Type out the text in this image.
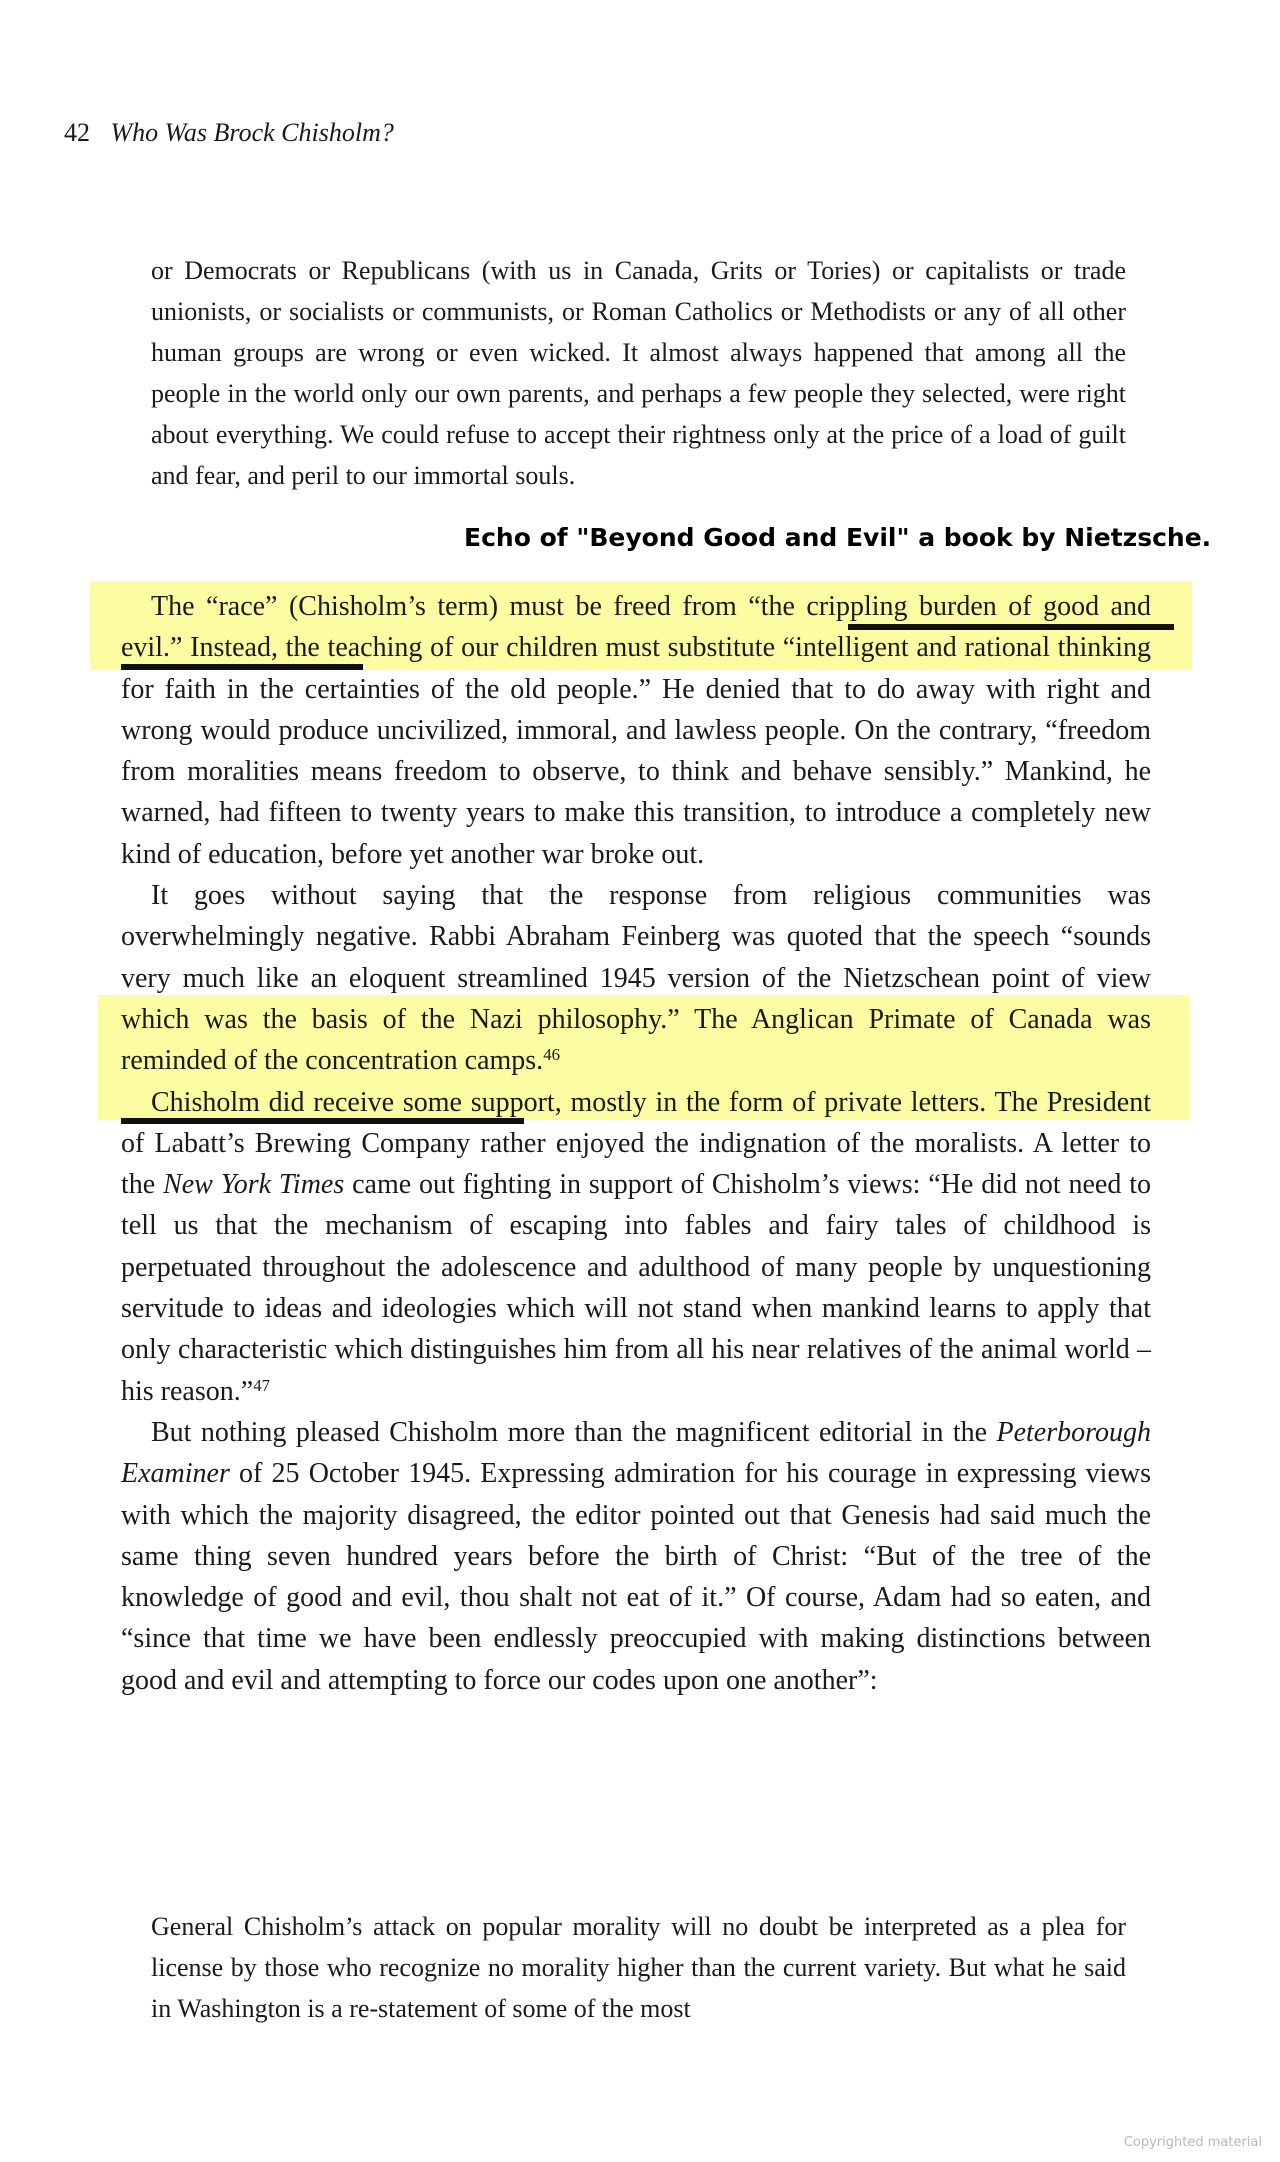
42 Who Was Brock Chisholm?
or Democrats or Republicans (with us in Canada, Grits or Tories) or capitalists or trade unionists, or socialists or communists, or Roman Catholics or Methodists or any of all other human groups are wrong or even wicked. It almost always happened that among all the people in the world only our own parents, and perhaps a few people they selected, were right about everything. We could refuse to accept their rightness only at the price of a load of guilt and fear, and peril to our immortal souls.
Echo of "Beyond Good and Evil" a book by Nietzsche.

The “race” (Chisholm’s term) must be freed from “the crippling burden of good and evil.” Instead, the teaching of our children must substitute “intelligent and rational thinking for faith in the certainties of the old people.” He denied that to do away with right and wrong would produce uncivilized, immoral, and lawless people. On the contrary, “freedom from moralities means freedom to observe, to think and behave sensibly.” Mankind, he warned, had fifteen to twenty years to make this transition, to introduce a completely new kind of education, before yet another war broke out.

It goes without saying that the response from religious communities was overwhelmingly negative. Rabbi Abraham Feinberg was quoted that the speech “sounds very much like an eloquent streamlined 1945 version of the Nietzschean point of view which was the basis of the Nazi philosophy.” The Anglican Primate of Canada was reminded of the concentration camps.$^{46}$

Chisholm did receive some support, mostly in the form of private letters. The President of Labatt’s Brewing Company rather enjoyed the indignation of the moralists. A letter to the New York Times came out fighting in support of Chisholm’s views: “He did not need to tell us that the mechanism of escaping into fables and fairy tales of childhood is perpetuated throughout the adolescence and adulthood of many people by unquestioning servitude to ideas and ideologies which will not stand when mankind learns to apply that only characteristic which distinguishes him from all his near relatives of the animal world – his reason.”$^{47}$

But nothing pleased Chisholm more than the magnificent editorial in the Peterborough Examiner of 25 October 1945. Expressing admiration for his courage in expressing views with which the majority disagreed, the editor pointed out that Genesis had said much the same thing seven hundred years before the birth of Christ: “But of the tree of the knowledge of good and evil, thou shalt not eat of it.” Of course, Adam had so eaten, and “since that time we have been endlessly preoccupied with making distinctions between good and evil and attempting to force our codes upon one another”:

General Chisholm’s attack on popular morality will no doubt be interpreted as a plea for license by those who recognize no morality higher than the current variety. But what he said in Washington is a re-statement of some of the most
Copyrighted material
